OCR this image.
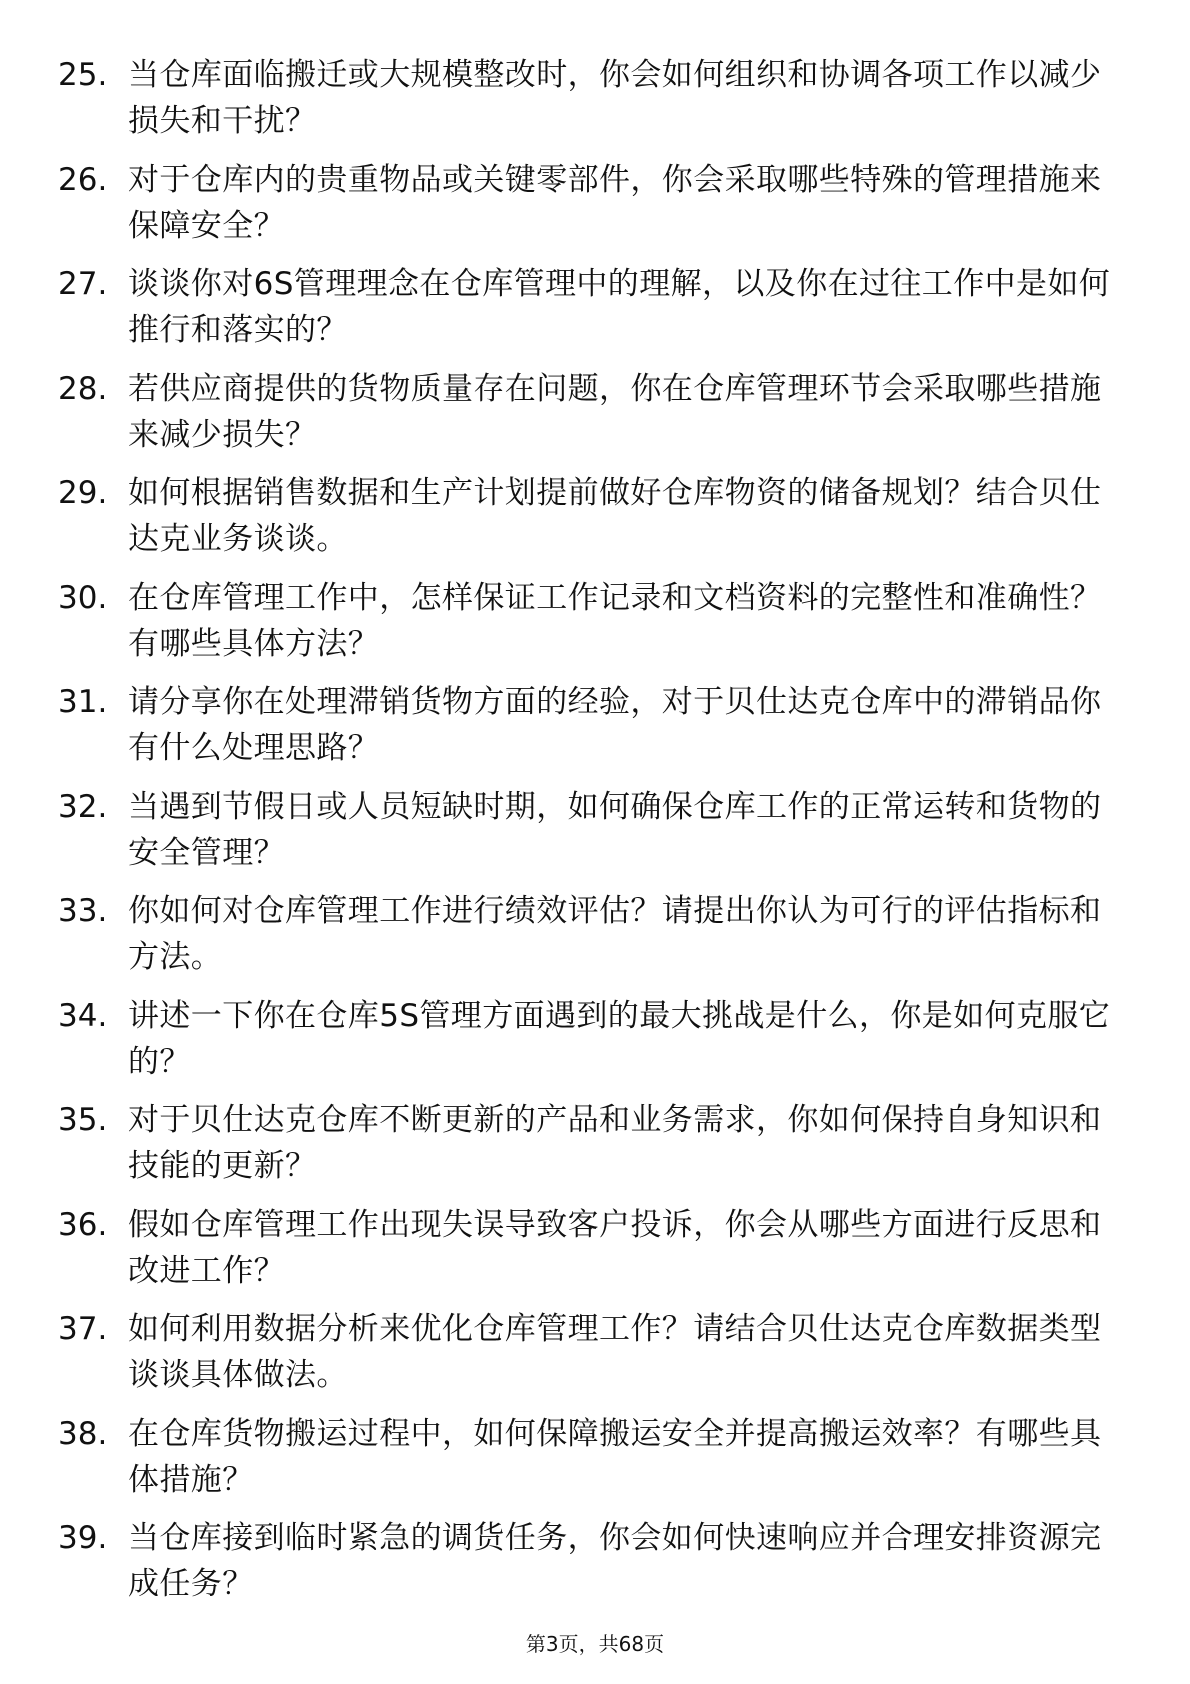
25. 当仓库面临搬迁或大规模整改时，你会如何组织和协调各项工作以减少损失和干扰？
26. 对于仓库内的贵重物品或关键零部件，你会采取哪些特殊的管理措施来保障安全？
27. 谈谈你对6S管理理念在仓库管理中的理解，以及你在过往工作中是如何推行和落实的？
28. 若供应商提供的货物质量存在问题，你在仓库管理环节会采取哪些措施来减少损失？
29. 如何根据销售数据和生产计划提前做好仓库物资的储备规划？结合贝仕达克业务谈谈。
30. 在仓库管理工作中，怎样保证工作记录和文档资料的完整性和准确性？有哪些具体方法？
31. 请分享你在处理滞销货物方面的经验，对于贝仕达克仓库中的滞销品你有什么处理思路？
32. 当遇到节假日或人员短缺时期，如何确保仓库工作的正常运转和货物的安全管理？
33. 你如何对仓库管理工作进行绩效评估？请提出你认为可行的评估指标和方法。
34. 讲述一下你在仓库5S管理方面遇到的最大挑战是什么，你是如何克服它的？
35. 对于贝仕达克仓库不断更新的产品和业务需求，你如何保持自身知识和技能的更新？
36. 假如仓库管理工作出现失误导致客户投诉，你会从哪些方面进行反思和改进工作？
37. 如何利用数据分析来优化仓库管理工作？请结合贝仕达克仓库数据类型谈谈具体做法。
38. 在仓库货物搬运过程中，如何保障搬运安全并提高搬运效率？有哪些具体措施？
39. 当仓库接到临时紧急的调货任务，你会如何快速响应并合理安排资源完成任务？
第3页，共68页
